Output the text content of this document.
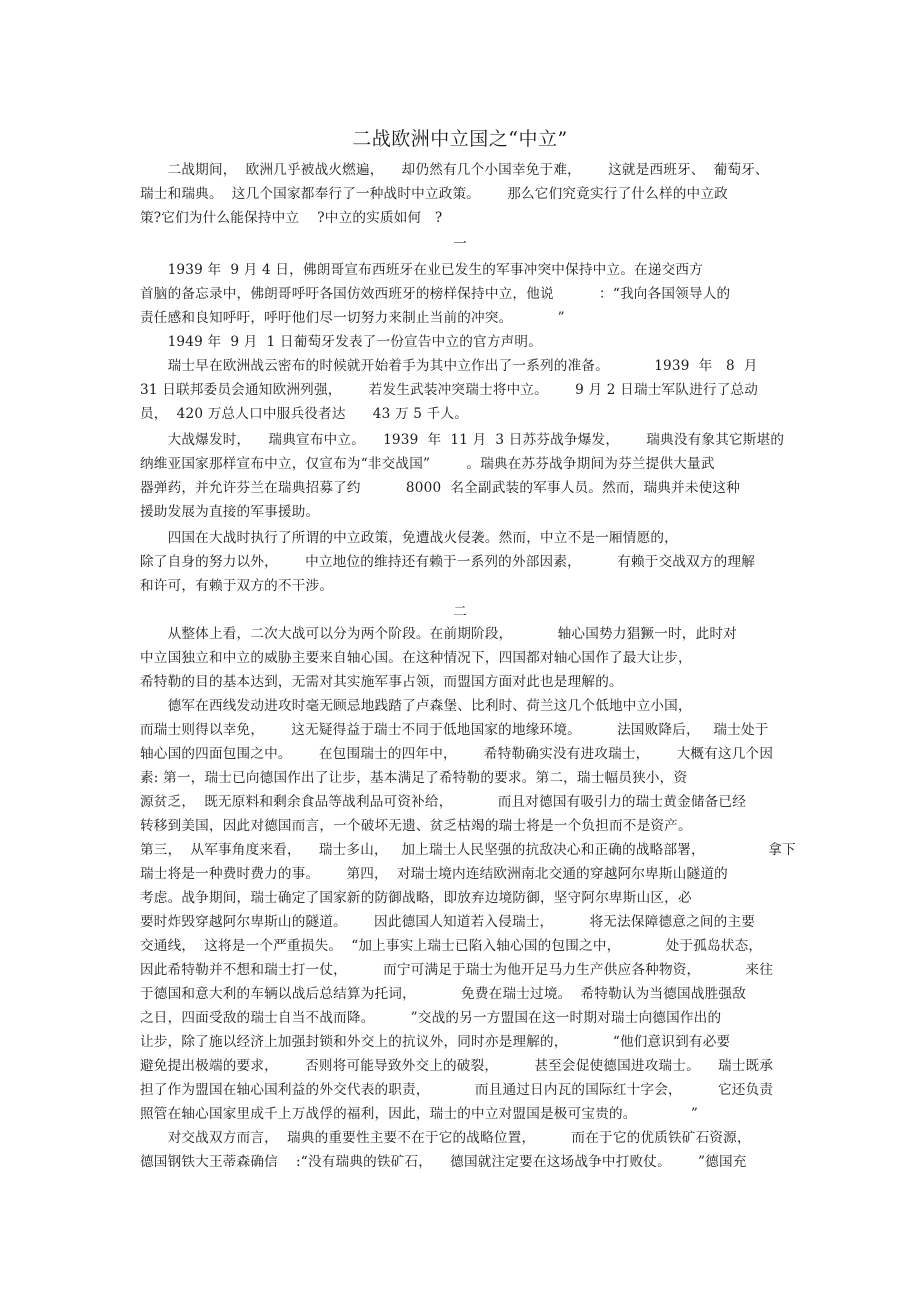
二战欧洲中立国之“中立”
　　二战期间，  欧洲几乎被战火燃遍，    却仍然有几个小国幸免于难，      这就是西班牙、  葡萄牙、
瑞士和瑞典。  这几个国家都奉行了一种战时中立政策。      那么它们究竟实行了什么样的中立政
策?它们为什么能保持中立    ?中立的实质如何   ?
一
　　1939 年  9 月 4 日，佛朗哥宣布西班牙在业已发生的军事冲突中保持中立。在递交西方
首脑的备忘录中，佛朗哥呼吁各国仿效西班牙的榜样保持中立，他说          ：“我向各国领导人的
责任感和良知呼吁，呼吁他们尽一切努力来制止当前的冲突。          ”
　　1949 年  9 月  1 日葡萄牙发表了一份宣告中立的官方声明。
　　瑞士早在欧洲战云密布的时候就开始着手为其中立作出了一系列的准备。          1939  年   8  月
31 日联邦委员会通知欧洲列强，      若发生武装冲突瑞士将中立。      9 月 2 日瑞士军队进行了总动
员，  420 万总人口中服兵役者达      43 万 5 千人。
　　大战爆发时，    瑞典宣布中立。    1939  年  11 月  3 日苏芬战争爆发，      瑞典没有象其它斯堪的
纳维亚国家那样宣布中立，仅宣布为“非交战国”        。瑞典在苏芬战争期间为芬兰提供大量武
器弹药，并允许芬兰在瑞典招募了约          8000  名全副武装的军事人员。然而，瑞典并未使这种
援助发展为直接的军事援助。
　　四国在大战时执行了所谓的中立政策，免遭战火侵袭。然而，中立不是一厢情愿的，
除了自身的努力以外，      中立地位的维持还有赖于一系列的外部因素，        有赖于交战双方的理解
和许可，有赖于双方的不干涉。
二
　　从整体上看，二次大战可以分为两个阶段。在前期阶段，          轴心国势力猖獗一时，此时对
中立国独立和中立的威胁主要来自轴心国。在这种情况下，四国都对轴心国作了最大让步，
希特勒的目的基本达到，无需对其实施军事占领，而盟国方面对此也是理解的。
　　德军在西线发动进攻时毫无顾忌地践踏了卢森堡、比利时、荷兰这几个低地中立小国，
而瑞士则得以幸免，      这无疑得益于瑞士不同于低地国家的地缘环境。        法国败降后，   瑞士处于
轴心国的四面包围之中。      在包围瑞士的四年中，      希特勒确实没有进攻瑞士，      大概有这几个因
素: 第一，瑞士已向德国作出了让步，基本满足了希特勒的要求。第二，瑞士幅员狭小，资
源贫乏，  既无原料和剩余食品等战利品可资补给，          而且对德国有吸引力的瑞士黄金储备已经
转移到美国，因此对德国而言，一个破坏无遗、贫乏枯竭的瑞士将是一个负担而不是资产。
第三，  从军事角度来看，    瑞士多山，   加上瑞士人民坚强的抗敌决心和正确的战略部署，              拿下
瑞士将是一种费时费力的事。      第四，  对瑞士境内连结欧洲南北交通的穿越阿尔卑斯山隧道的
考虑。战争期间，瑞士确定了国家新的防御战略，即放弃边境防御，坚守阿尔卑斯山区，必
要时炸毁穿越阿尔卑斯山的隧道。      因此德国人知道若入侵瑞士，        将无法保障德意之间的主要
交通线，  这将是一个严重损失。  “加上事实上瑞士已陷入轴心国的包围之中，          处于孤岛状态，
因此希特勒并不想和瑞士打一仗，        而宁可满足于瑞士为他开足马力生产供应各种物资，          来往
于德国和意大利的车辆以战后总结算为托词，          免费在瑞士过境。  希特勒认为当德国战胜强敌
之日，四面受敌的瑞士自当不战而降。        ”交战的另一方盟国在这一时期对瑞士向德国作出的
让步，除了施以经济上加强封锁和外交上的抗议外，同时亦是理解的，          “他们意识到有必要
避免提出极端的要求，      否则将可能导致外交上的破裂，        甚至会促使德国进攻瑞士。    瑞士既承
担了作为盟国在轴心国利益的外交代表的职责，          而且通过日内瓦的国际红十字会，        它还负责
照管在轴心国家里成千上万战俘的福利，因此，瑞士的中立对盟国是极可宝贵的。            ”
　　对交战双方而言，  瑞典的重要性主要不在于它的战略位置，        而在于它的优质铁矿石资源，
德国钢铁大王蒂森确信    :“没有瑞典的铁矿石，    德国就注定要在这场战争中打败仗。      ”德国充
